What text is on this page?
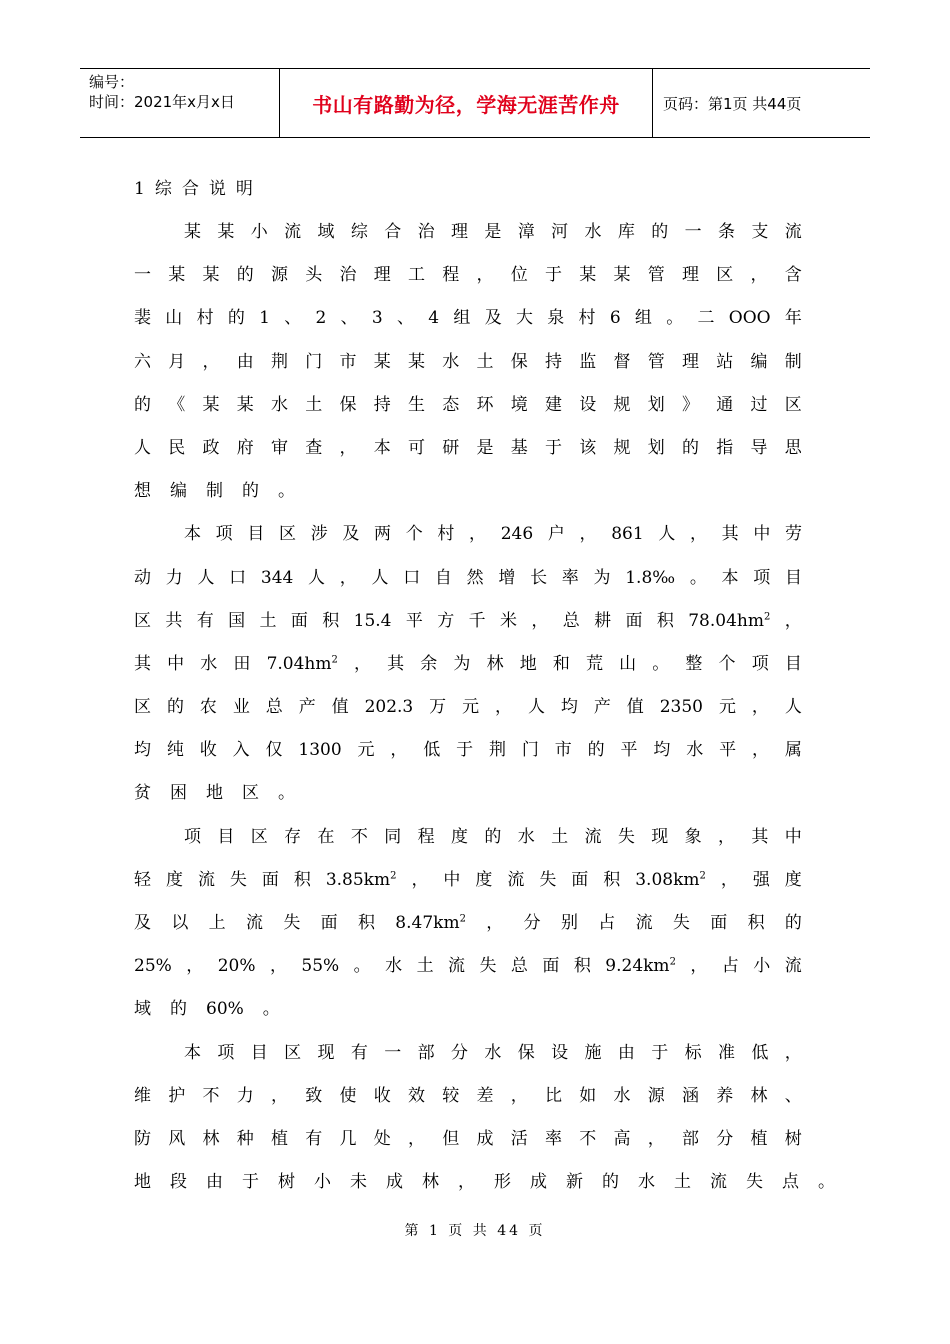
编号：
时间：2021年x月x日	书山有路勤为径，学海无涯苦作舟	页码：第1页 共44页
1综合说明
某 某 小 流 域 综 合 治 理 是 漳 河 水 库 的 一 条 支 流
一 某 某 的 源 头 治 理 工 程 ， 位 于 某 某 管 理 区 ， 含
裴 山 村 的 1 、 2 、 3 、 4 组 及 大 泉 村 6 组 。 二 OOO 年
六 月 ， 由 荆 门 市 某 某 水 土 保 持 监 督 管 理 站 编 制
的 《 某 某 水 土 保 持 生 态 环 境 建 设 规 划 》 通 过 区
人 民 政 府 审 查 ， 本 可 研 是 基 于 该 规 划 的 指 导 思
想 编 制 的 。
本 项 目 区 涉 及 两 个 村 ， 246 户 ， 861 人 ， 其 中 劳
动 力 人 口 344 人 ， 人 口 自 然 增 长 率 为 1.8‰ 。 本 项 目
区 共 有 国 土 面 积 15.4 平 方 千 米 ， 总 耕 面 积 $78.04hm^2$ ，
其 中 水 田 $7.04hm^2$ ， 其 余 为 林 地 和 荒 山 。 整 个 项 目
区 的 农 业 总 产 值 202.3 万 元 ， 人 均 产 值 2350 元 ， 人
均 纯 收 入 仅 1300 元 ， 低 于 荆 门 市 的 平 均 水 平 ， 属
贫 困 地 区 。
项 目 区 存 在 不 同 程 度 的 水 土 流 失 现 象 ， 其 中
轻 度 流 失 面 积 $3.85km^2$ ， 中 度 流 失 面 积 $3.08km^2$ ， 强 度
及 以 上 流 失 面 积 $8.47km^2$ ， 分 别 占 流 失 面 积 的
25% ， 20% ， 55% 。 水 土 流 失 总 面 积 $9.24km^2$ ， 占 小 流
域 的 60% 。
本 项 目 区 现 有 一 部 分 水 保 设 施 由 于 标 准 低 ，
维 护 不 力 ， 致 使 收 效 较 差 ， 比 如 水 源 涵 养 林 、
防 风 林 种 植 有 几 处 ， 但 成 活 率 不 高 ， 部 分 植 树
地 段 由 于 树 小 未 成 林 ， 形 成 新 的 水 土 流 失 点 。
第 1 页 共 44 页
